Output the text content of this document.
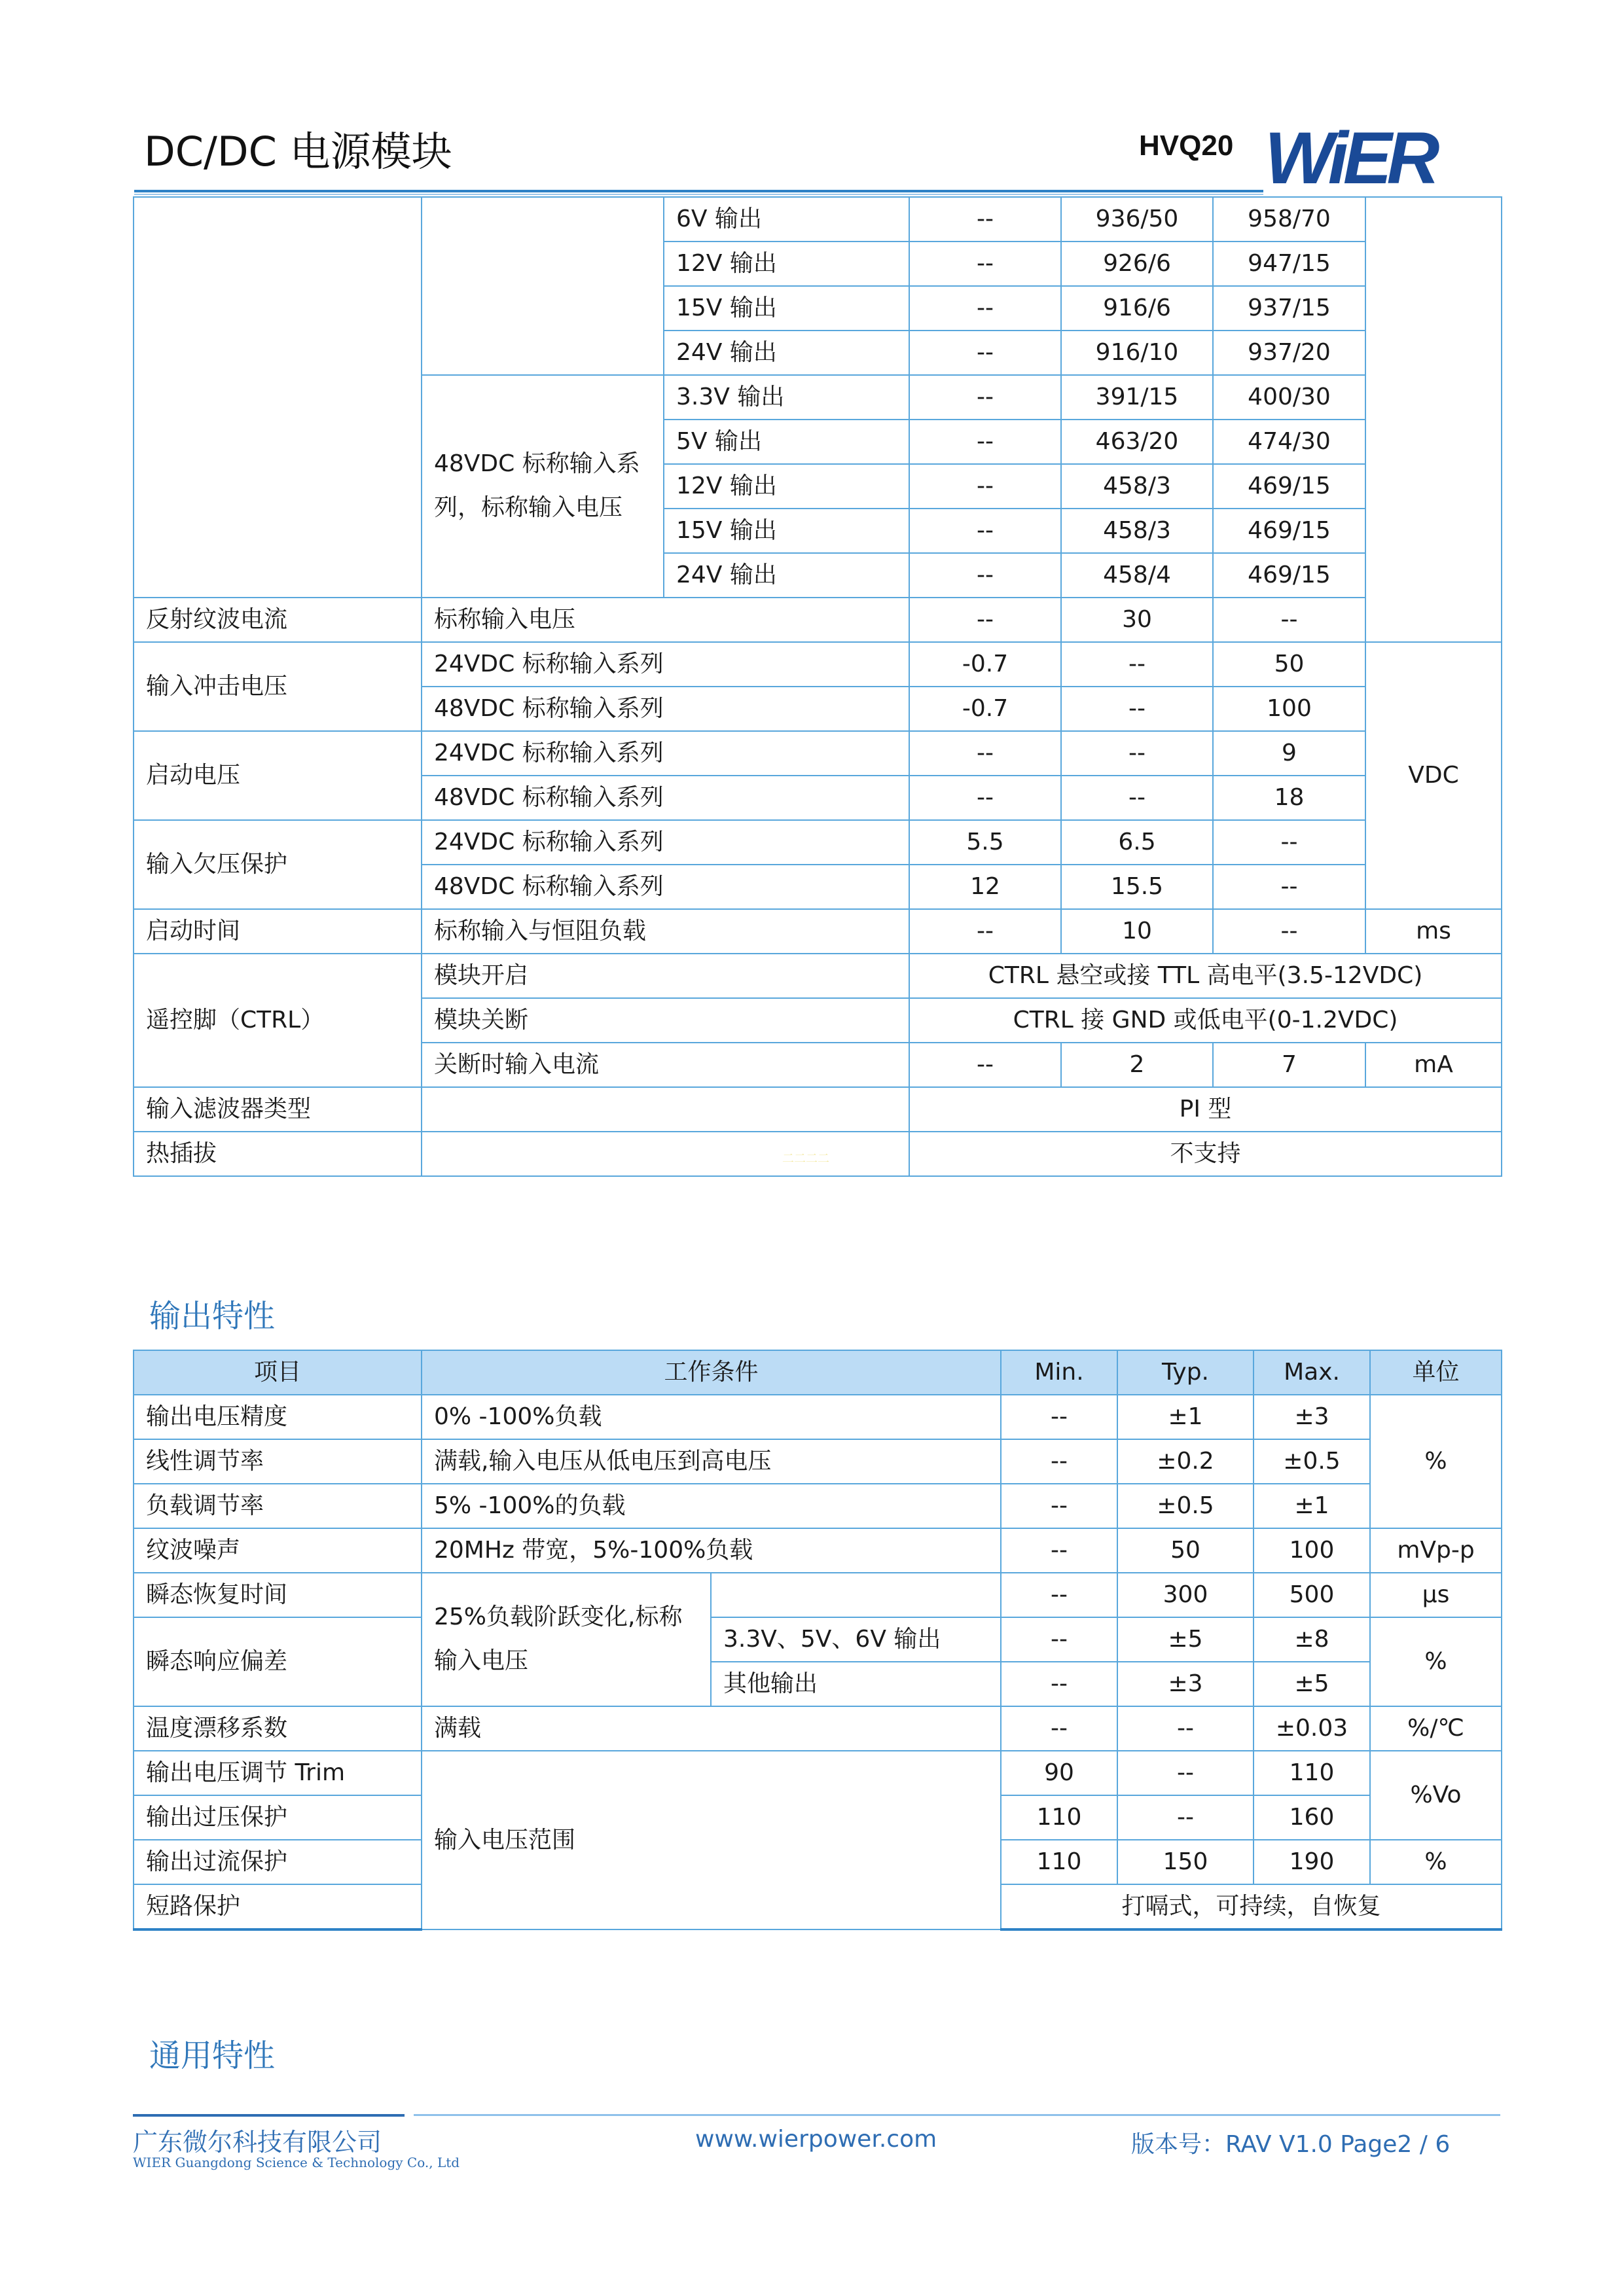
DC/DC 电源模块	HVQ20 WiER
		6V 输出	--	936/50	958/70	
		12V 输出	--	926/6	947/15	
		15V 输出	--	916/6	937/15	
		24V 输出	--	916/10	937/20	
	48VDC 标称输入系列，标称输入电压	3.3V 输出	--	391/15	400/30	
		5V 输出	--	463/20	474/30	
		12V 输出	--	458/3	469/15	
		15V 输出	--	458/3	469/15	
		24V 输出	--	458/4	469/15	
反射纹波电流	标称输入电压		--	30	--	
输入冲击电压	24VDC 标称输入系列		-0.7	--	50	VDC
	48VDC 标称输入系列		-0.7	--	100	
启动电压	24VDC 标称输入系列		--	--	9	
	48VDC 标称输入系列		--	--	18	
输入欠压保护	24VDC 标称输入系列		5.5	6.5	--	
	48VDC 标称输入系列		12	15.5	--	
启动时间	标称输入与恒阻负载		--	10	--	ms
遥控脚（CTRL）	模块开启		CTRL 悬空或接 TTL 高电平(3.5-12VDC)			
	模块关断		CTRL 接 GND 或低电平(0-1.2VDC)			
	关断时输入电流		--	2	7	mA
输入滤波器类型			PI 型			
热插拔			不支持			
二二二二
输出特性
项目	工作条件		Min.	Typ.	Max.	单位
输出电压精度	0% -100%负载		--	±1	±3	%
线性调节率	满载,输入电压从低电压到高电压		--	±0.2	±0.5	
负载调节率	5% -100%的负载		--	±0.5	±1	
纹波噪声	20MHz 带宽，5%-100%负载		--	50	100	mVp-p
瞬态恢复时间	25%负载阶跃变化,标称输入电压		--	300	500	µs
瞬态响应偏差		3.3V、5V、6V 输出	--	±5	±8	%
		其他输出	--	±3	±5	
温度漂移系数	满载		--	--	±0.03	%/℃
输出电压调节 Trim	输入电压范围		90	--	110	%Vo
输出过压保护			110	--	160	
输出过流保护			110	150	190	%
短路保护			打嗝式，可持续，自恢复			
通用特性
广东微尔科技有限公司
WIER Guangdong Science & Technology Co., Ltd
www.wierpower.com	版本号：RAV V1.0 Page2 / 6
